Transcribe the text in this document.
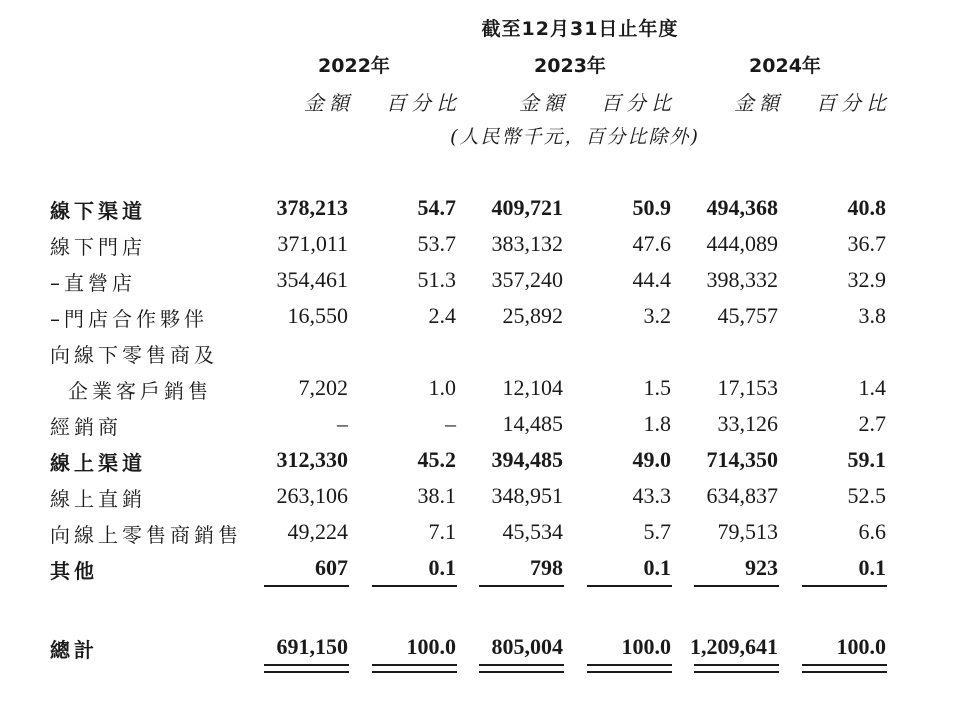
截至12月31日止年度
2022年	2023年	2024年
金額	百分比	金額	百分比	金額	百分比
(人民幣千元，百分比除外)
線下渠道	378,213	54.7	409,721	50.9	494,368	40.8
線下門店	371,011	53.7	383,132	47.6	444,089	36.7
–直營店	354,461	51.3	357,240	44.4	398,332	32.9
–門店合作夥伴	16,550	2.4	25,892	3.2	45,757	3.8
向線下零售商及
企業客戶銷售	7,202	1.0	12,104	1.5	17,153	1.4
經銷商	–	–	14,485	1.8	33,126	2.7
線上渠道	312,330	45.2	394,485	49.0	714,350	59.1
線上直銷	263,106	38.1	348,951	43.3	634,837	52.5
向線上零售商銷售	49,224	7.1	45,534	5.7	79,513	6.6
其他	607	0.1	798	0.1	923	0.1
總計	691,150	100.0	805,004	100.0 1,209,641	100.0
